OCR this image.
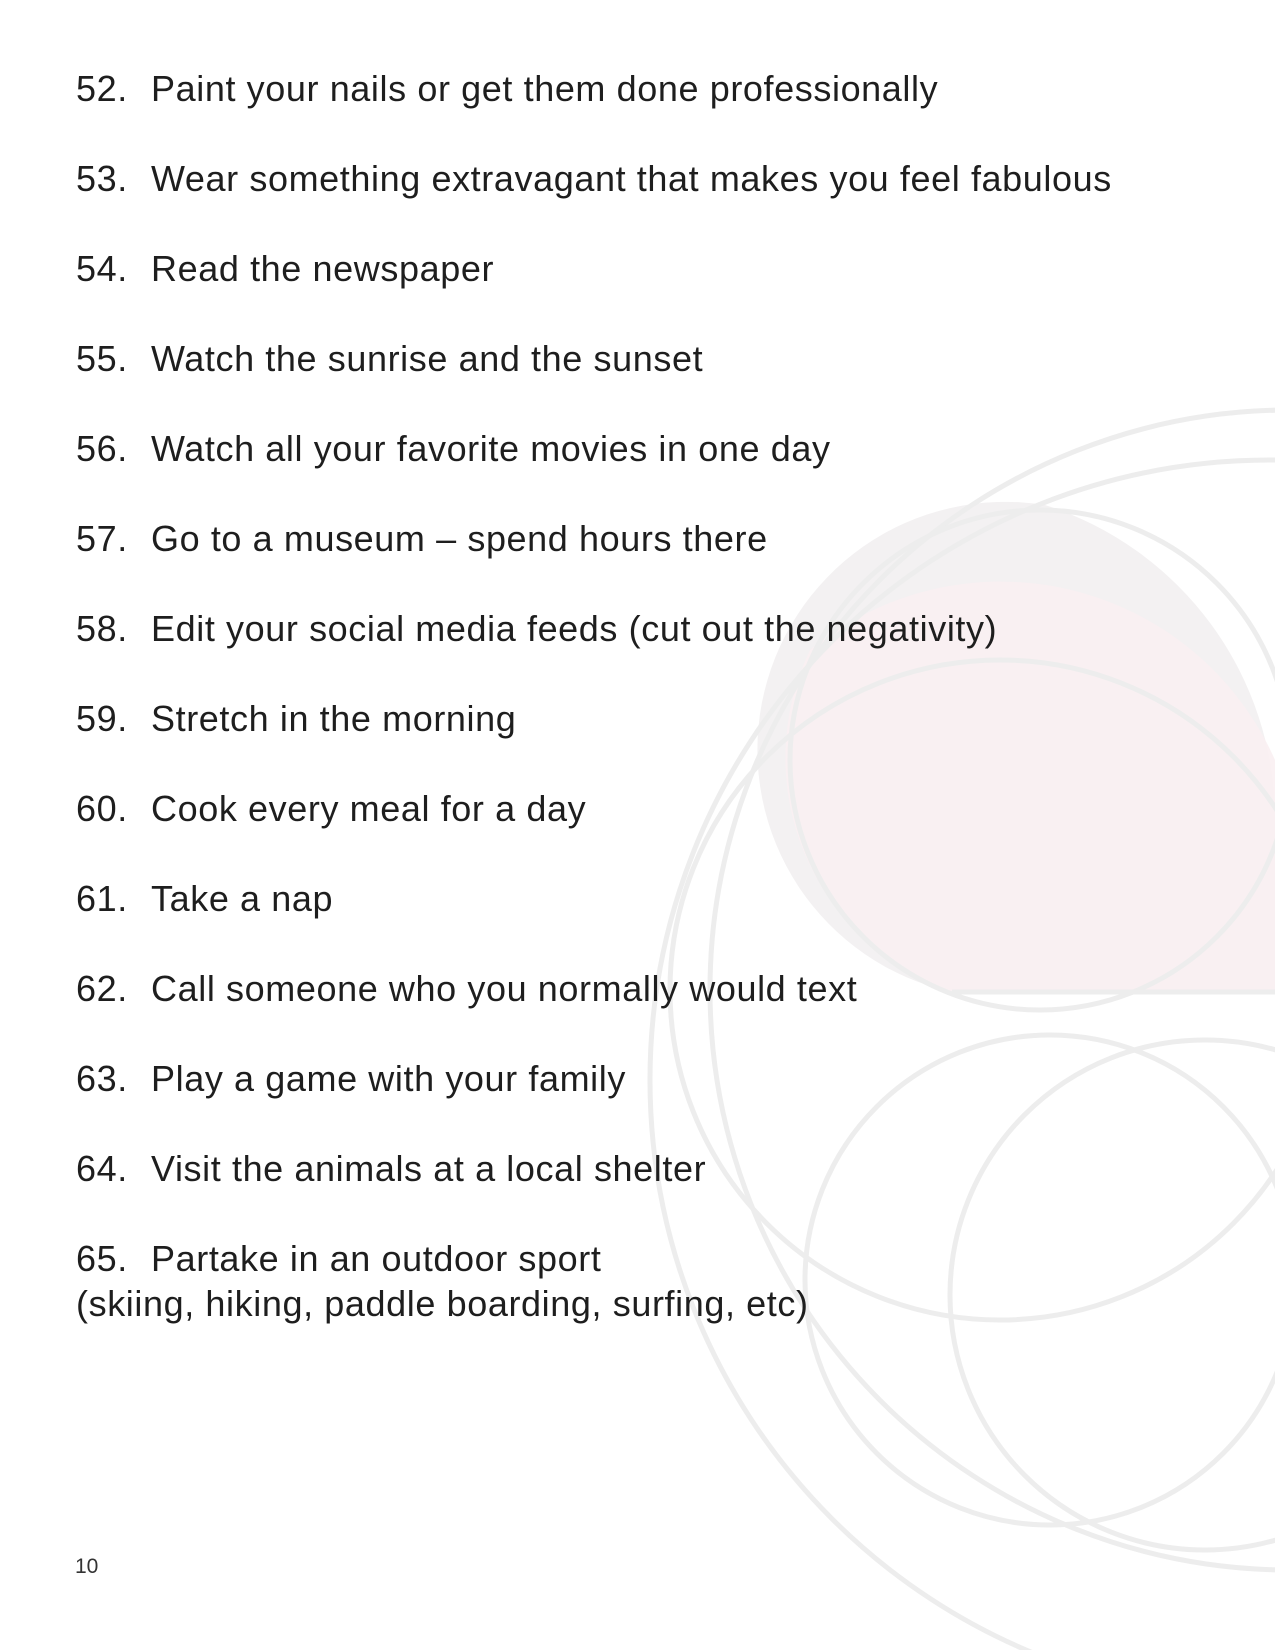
52. Paint your nails or get them done professionally
53. Wear something extravagant that makes you feel fabulous
54. Read the newspaper
55. Watch the sunrise and the sunset
56. Watch all your favorite movies in one day
57. Go to a museum – spend hours there
58. Edit your social media feeds (cut out the negativity)
59. Stretch in the morning
60. Cook every meal for a day
61. Take a nap
62. Call someone who you normally would text
63. Play a game with your family
64. Visit the animals at a local shelter
65. Partake in an outdoor sport
(skiing, hiking, paddle boarding, surfing, etc)
10
